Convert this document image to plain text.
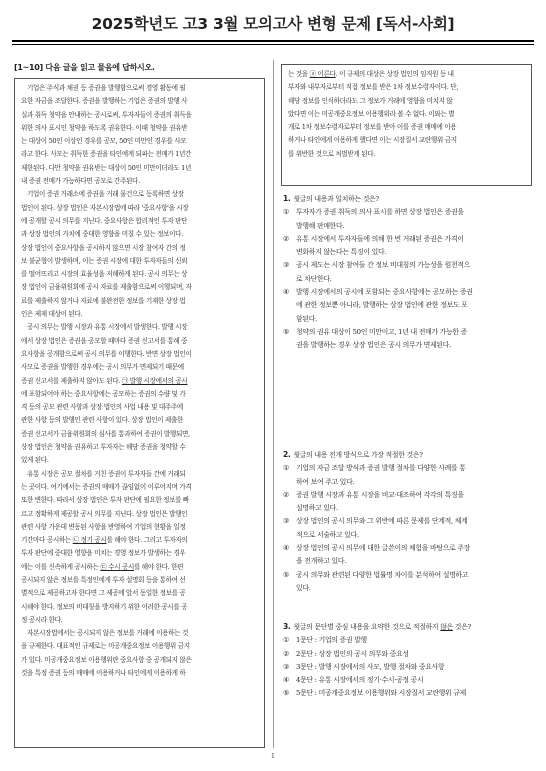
2025학년도 고3 3월 모의고사 변형 문제 [독서-사회]
[1~10] 다음 글을 읽고 물음에 답하시오.
기업은 주식과 채권 등 증권을 발행함으로써 경영 활동에 필
요한 자금을 조달한다. 증권을 발행하는 기업은 증권의 발행 사
실과 취득 청약을 안내하는 공시로써, 투자자들이 증권의 취득을
위한 의사 표시인 청약을 하도록 권유한다. 이때 청약을 권유받
는 대상이 50인 이상인 경우를 공모, 50인 미만인 경우를 사모
라고 한다. 사모는 취득한 증권을 타인에게 되파는 전매가 1년간
제한된다. 다만 청약을 권유받는 대상이 50인 미만이더라도 1년
내 증권 전매가 가능하다면 공모로 간주된다.
기업이 증권 거래소에 증권을 거래 물건으로 등록하면 상장
법인이 된다. 상장 법인은 자본시장법에 따라 '중요사항'을 시장
에 공개할 공시 의무를 지닌다. 중요사항은 합리적인 투자 판단
과 상장 법인의 가치에 중대한 영향을 미칠 수 있는 정보이다.
상장 법인이 중요사항을 공시하지 않으면 시장 참여자 간의 정
보 불균형이 발생하며, 이는 증권 시장에 대한 투자자들의 신뢰
를 떨어뜨리고 시장의 효율성을 저해하게 된다. 공시 의무는 상
장 법인이 금융위원회에 공시 자료를 제출함으로써 이행되며, 자
료를 제출하지 않거나 자료에 불완전한 정보를 기재한 상장 법
인은 제재 대상이 된다.
공시 의무는 발행 시장과 유통 시장에서 발생한다. 발행 시장
에서 상장 법인은 증권을 공모할 때마다 증권 신고서를 통해 중
요사항을 공개함으로써 공시 의무를 이행한다. 반면 상장 법인이
사모로 증권을 발행한 경우에는 공시 의무가 면제되기 때문에
증권 신고서를 제출하지 않아도 된다. ㉠ 발행 시장에서의 공시
에 포함되어야 하는 중요사항에는 공모하는 증권의 수량 및 가
격 등의 공모 관련 사항과 상장 법인의 사업 내용 및 대주주에
관한 사항 등의 발행인 관련 사항이 있다. 상장 법인이 제출한
증권 신고서가 금융위원회의 심사를 통과하여 증권이 발행되면,
상장 법인은 청약을 권유하고 투자자는 해당 증권을 청약할 수
있게 된다.
유통 시장은 공모 절차를 거친 증권이 투자자들 간에 거래되
는 곳이다. 여기에서는 증권의 매매가 끊임없이 이루어지며 가격
또한 변한다. 따라서 상장 법인은 투자 판단에 필요한 정보를 빠
르고 정확하게 제공할 공시 의무를 지닌다. 상장 법인은 발행인
관련 사항 가운데 변동된 사항을 반영하여 기업의 현황을 일정
기간마다 공시하는 ㉡ 정기 공시를 해야 한다. 그리고 투자자의
투자 판단에 중대한 영향을 미치는 경영 정보가 발생하는 경우
에는 이를 신속하게 공시하는 ㉢ 수시 공시를 해야 한다. 한편
공시되지 않은 정보를 특정인에게 투자 설명회 등을 통하여 선
별적으로 제공하고자 한다면 그 제공에 앞서 동일한 정보를 공
시해야 한다. 정보의 비대칭을 방지하기 위한 이러한 공시를 공
정 공시라 한다.
자본시장법에서는 공시되지 않은 정보를 거래에 이용하는 것
을 규제한다. 대표적인 규제로는 미공개중요정보 이용행위 금지
가 있다. 미공개중요정보 이용행위란 중요사항 중 공개되지 않은
것을 특정 증권 등의 매매에 이용하거나 타인에게 이용하게 하
는 것을 ⓐ 이른다. 이 규제의 대상은 상장 법인의 임직원 등 내
부자와 내부자로부터 직접 정보를 받은 1차 정보수령자이다. 단,
해당 정보를 인식하더라도 그 정보가 거래에 영향을 미치지 않
았다면 이는 미공개중요정보 이용행위라 볼 수 없다. 이와는 별
개로 1차 정보수령자로부터 정보를 받아 이를 증권 매매에 이용
하거나 타인에게 이용하게 했다면 이는 시장질서 교란행위 금지
를 위반한 것으로 처벌받게 된다.
1. 윗글의 내용과 일치하는 것은?
①	투자자가 증권 취득의 의사 표시를 하면 상장 법인은 증권을
발행해 판매한다.
②	유통 시장에서 투자자들에 의해 한 번 거래된 증권은 가격이
변화하지 않는다는 특징이 있다.
③	공시 제도는 시장 참여들 간 정보 비대칭의 가능성을 원천적으
로 차단한다.
④	발행 시장에서의 공시에 포함되는 중요사항에는 공모하는 증권
에 관한 정보뿐 아니라, 발행하는 상장 법인에 관한 정보도 포
함된다.
⑤	청약의 권유 대상이 50인 미만이고, 1년 내 전매가 가능한 증
권을 발행하는 경우 상장 법인은 공시 의무가 면제된다.
2. 윗글의 내용 전개 방식으로 가장 적절한 것은?
①	기업의 자금 조달 방식과 증권 발행 절차를 다양한 사례를 통
하여 보여 주고 있다.
②	증권 발행 시장과 유통 시장을 비교·대조하여 각각의 특징을
설명하고 있다.
③	상장 법인의 공시 의무와 그 위반에 따른 문제를 단계적, 체계
적으로 서술하고 있다.
④	상장 법인의 공시 의무에 대한 글쓴이의 체험을 바탕으로 주장
을 전개하고 있다.
⑤	공시 의무와 관련된 다양한 법률명 차이를 분석하여 설명하고
있다.
3. 윗글의 문단별 중심 내용을 요약한 것으로 적절하지 않은 것은?
①	1문단 : 기업의 증권 발행
②	2문단 : 상장 법인의 공시 의무와 중요성
③	3문단 : 발행 시장에서의 사모, 발행 절차와 중요사항
④	4문단 : 유통 시장에서의 정기·수시·공정 공시
⑤	5문단 : 미공개중요정보 이용행위와 시장질서 교란행위 규제
1
